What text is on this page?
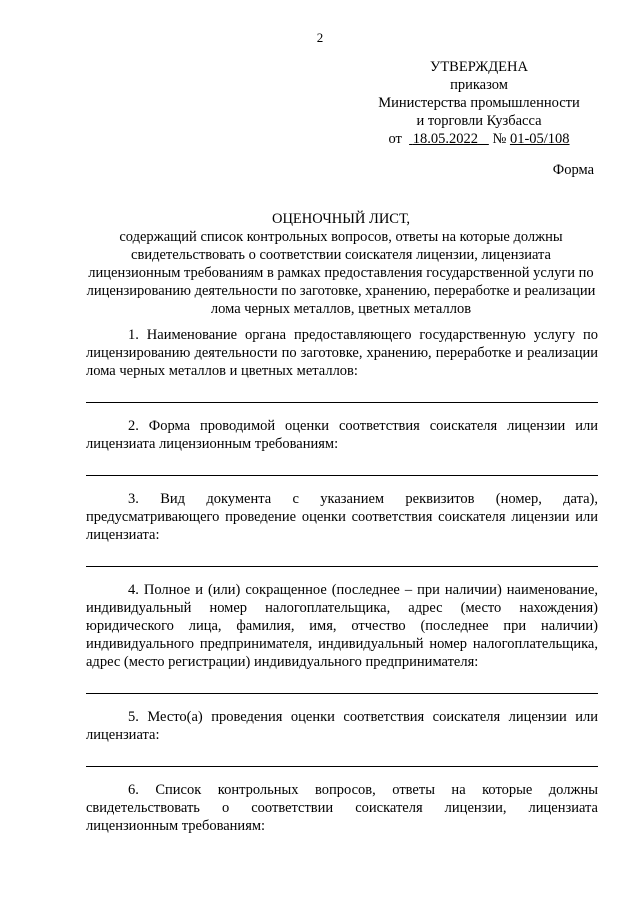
2
УТВЕРЖДЕНА
приказом
Министерства промышленности
и торговли Кузбасса
от 18.05.2022 № 01-05/108
Форма
ОЦЕНОЧНЫЙ ЛИСТ,
содержащий список контрольных вопросов, ответы на которые должны свидетельствовать о соответствии соискателя лицензии, лицензиата лицензионным требованиям в рамках предоставления государственной услуги по лицензированию деятельности по заготовке, хранению, переработке и реализации лома черных металлов, цветных металлов

1. Наименование органа предоставляющего государственную услугу по лицензированию деятельности по заготовке, хранению, переработке и реализации лома черных металлов и цветных металлов:

2. Форма проводимой оценки соответствия соискателя лицензии или лицензиата лицензионным требованиям:

3. Вид документа с указанием реквизитов (номер, дата), предусматривающего проведение оценки соответствия соискателя лицензии или лицензиата:

4. Полное и (или) сокращенное (последнее – при наличии) наименование, индивидуальный номер налогоплательщика, адрес (место нахождения) юридического лица, фамилия, имя, отчество (последнее при наличии) индивидуального предпринимателя, индивидуальный номер налогоплательщика, адрес (место регистрации) индивидуального предпринимателя:

5. Место(а) проведения оценки соответствия соискателя лицензии или лицензиата:

6. Список контрольных вопросов, ответы на которые должны свидетельствовать о соответствии соискателя лицензии, лицензиата лицензионным требованиям:
